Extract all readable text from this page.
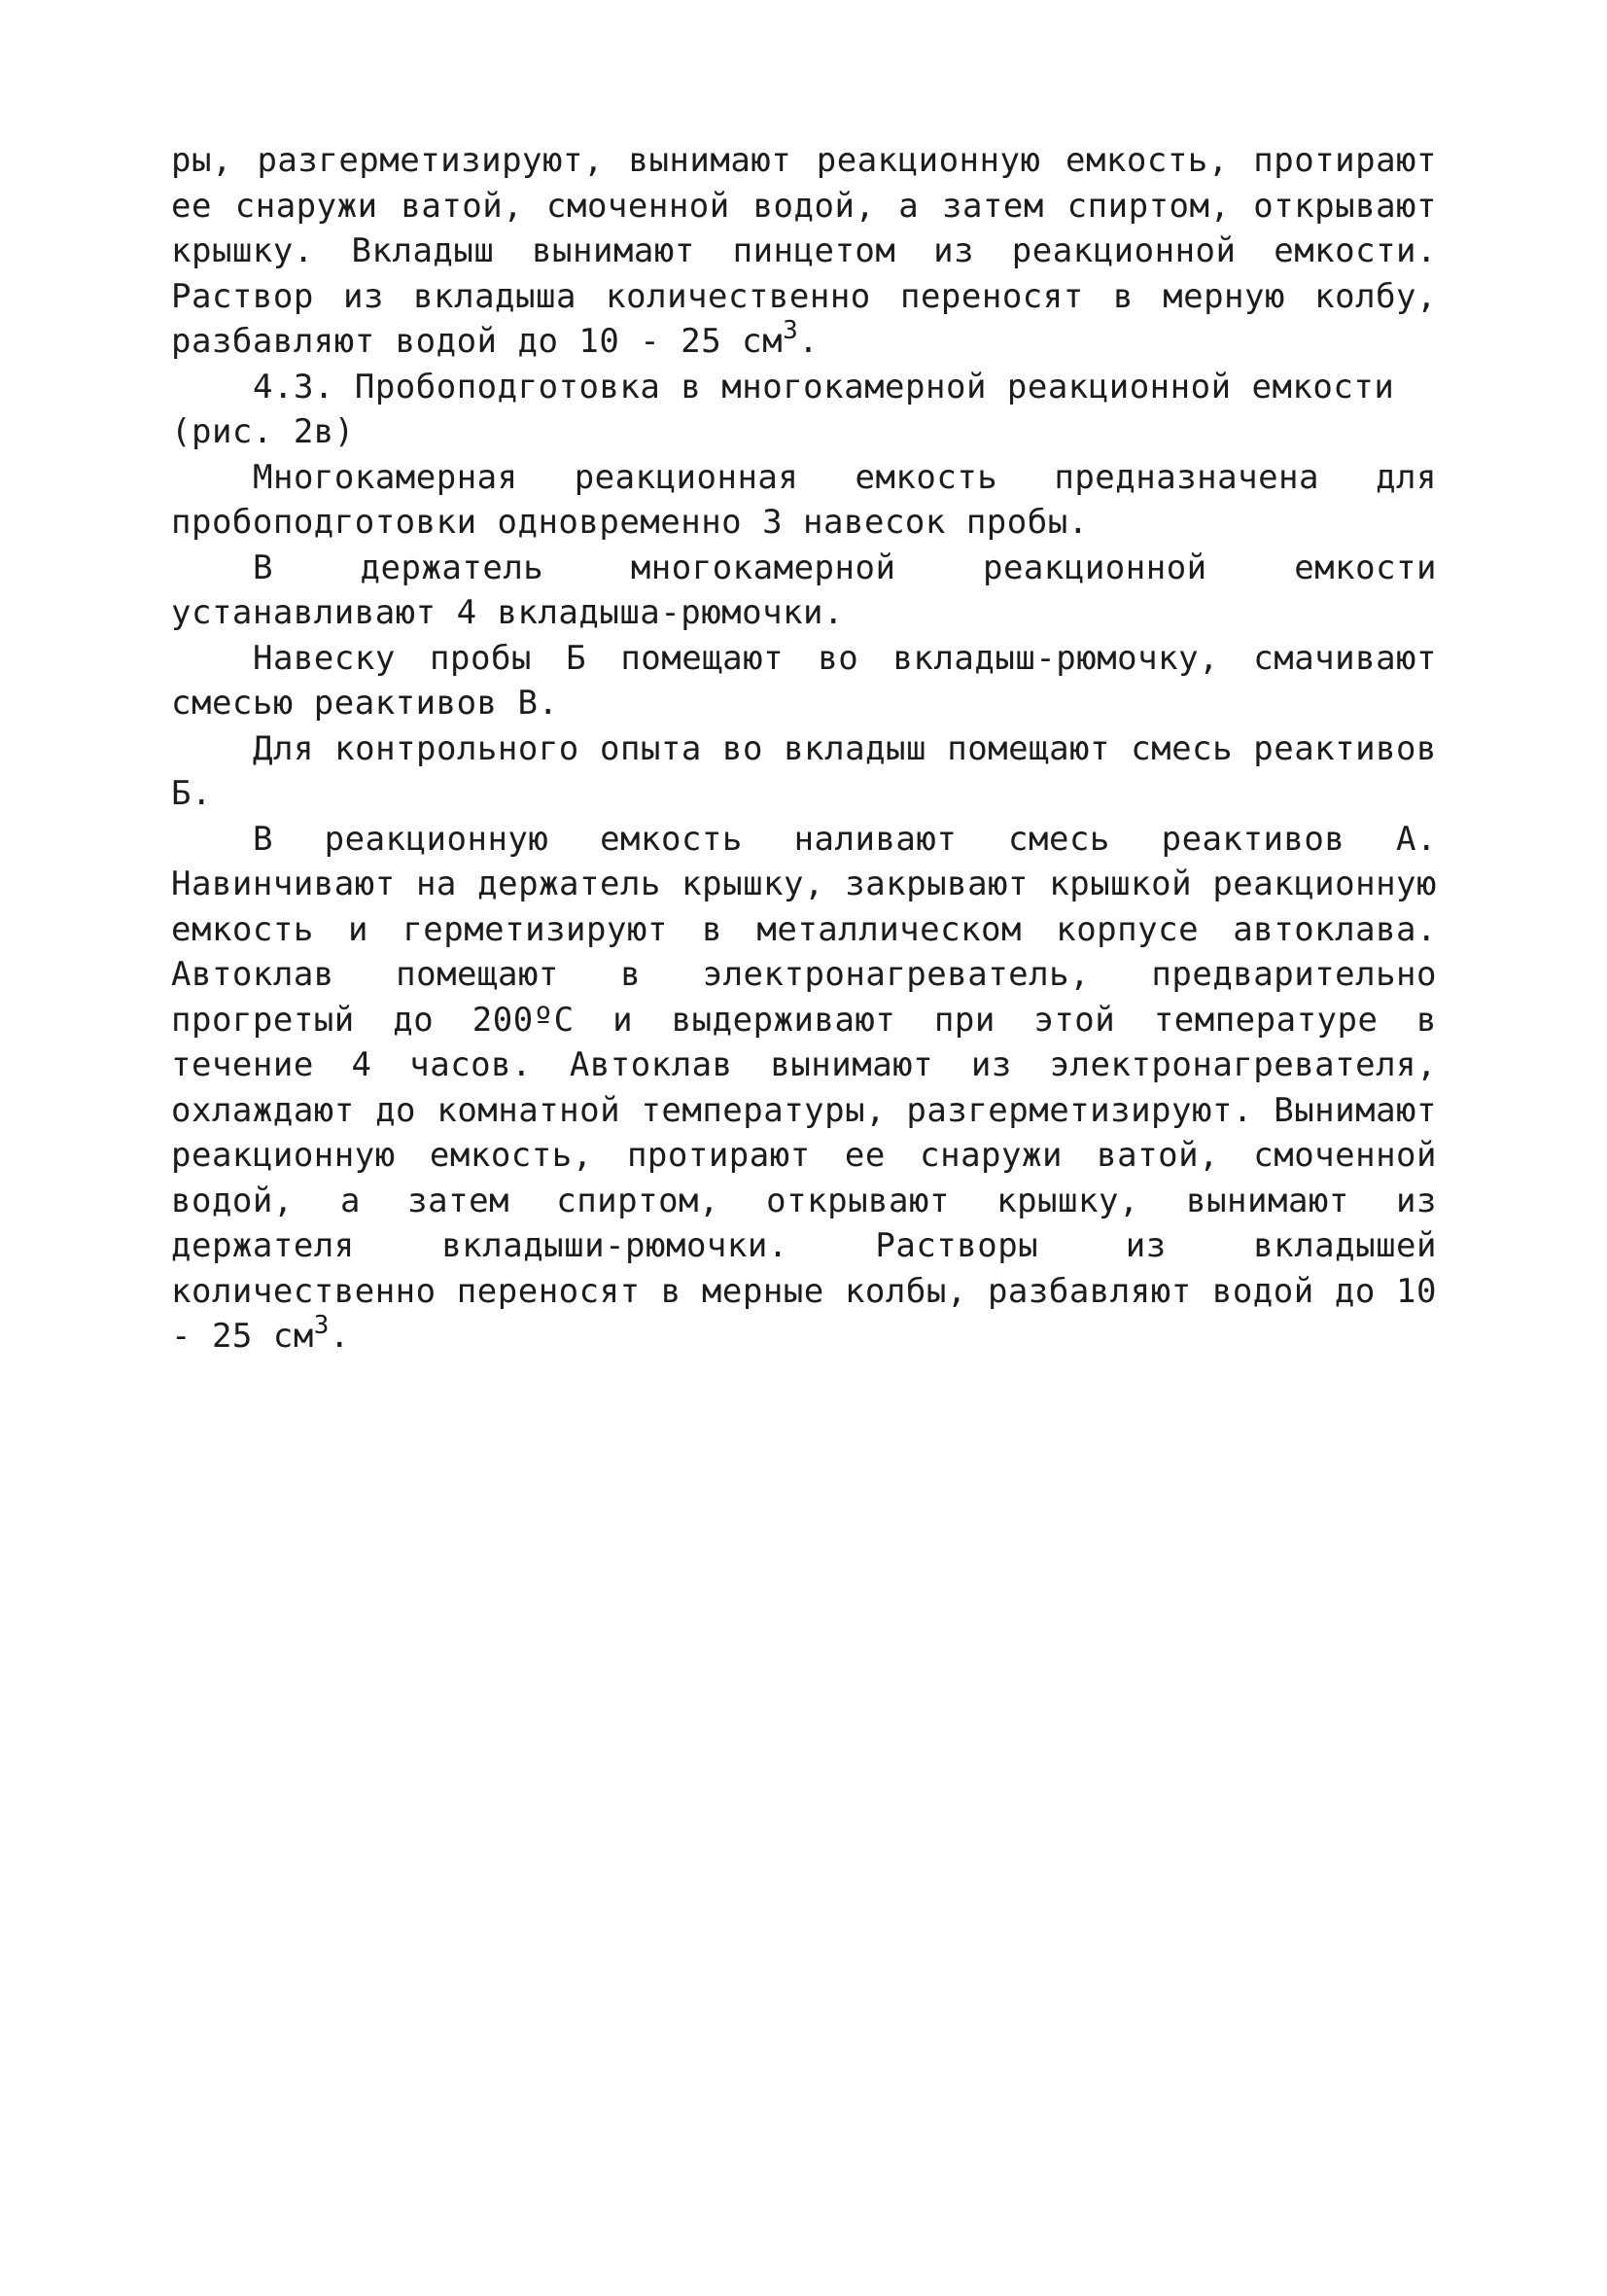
ры, разгерметизируют, вынимают реакционную емкость, протирают ее снаружи ватой, смоченной водой, а затем спиртом, открывают крышку. Вкладыш вынимают пинцетом из реакционной емкости. Раствор из вкладыша количественно переносят в мерную колбу, разбавляют водой до 10 - 25 $см^3$.

4.3. Пробоподготовка в многокамерной реакционной емкости

(рис. 2в)

Многокамерная реакционная емкость предназначена для пробоподготовки одновременно 3 навесок пробы.

В держатель многокамерной реакционной емкости устанавливают 4 вкладыша-рюмочки.

Навеску пробы Б помещают во вкладыш-рюмочку, смачивают смесью реактивов В.

Для контрольного опыта во вкладыш помещают смесь реактивов Б.

В реакционную емкость наливают смесь реактивов А. Навинчивают на держатель крышку, закрывают крышкой реакционную емкость и герметизируют в металлическом корпусе автоклава. Автоклав помещают в электронагреватель, предварительно прогретый до 200ºС и выдерживают при этой температуре в течение 4 часов. Автоклав вынимают из электронагревателя, охлаждают до комнатной температуры, разгерметизируют. Вынимают реакционную емкость, протирают ее снаружи ватой, смоченной водой, а затем спиртом, открывают крышку, вынимают из держателя вкладыши-рюмочки. Растворы из вкладышей количественно переносят в мерные колбы, разбавляют водой до 10 - 25 $см^3$.
